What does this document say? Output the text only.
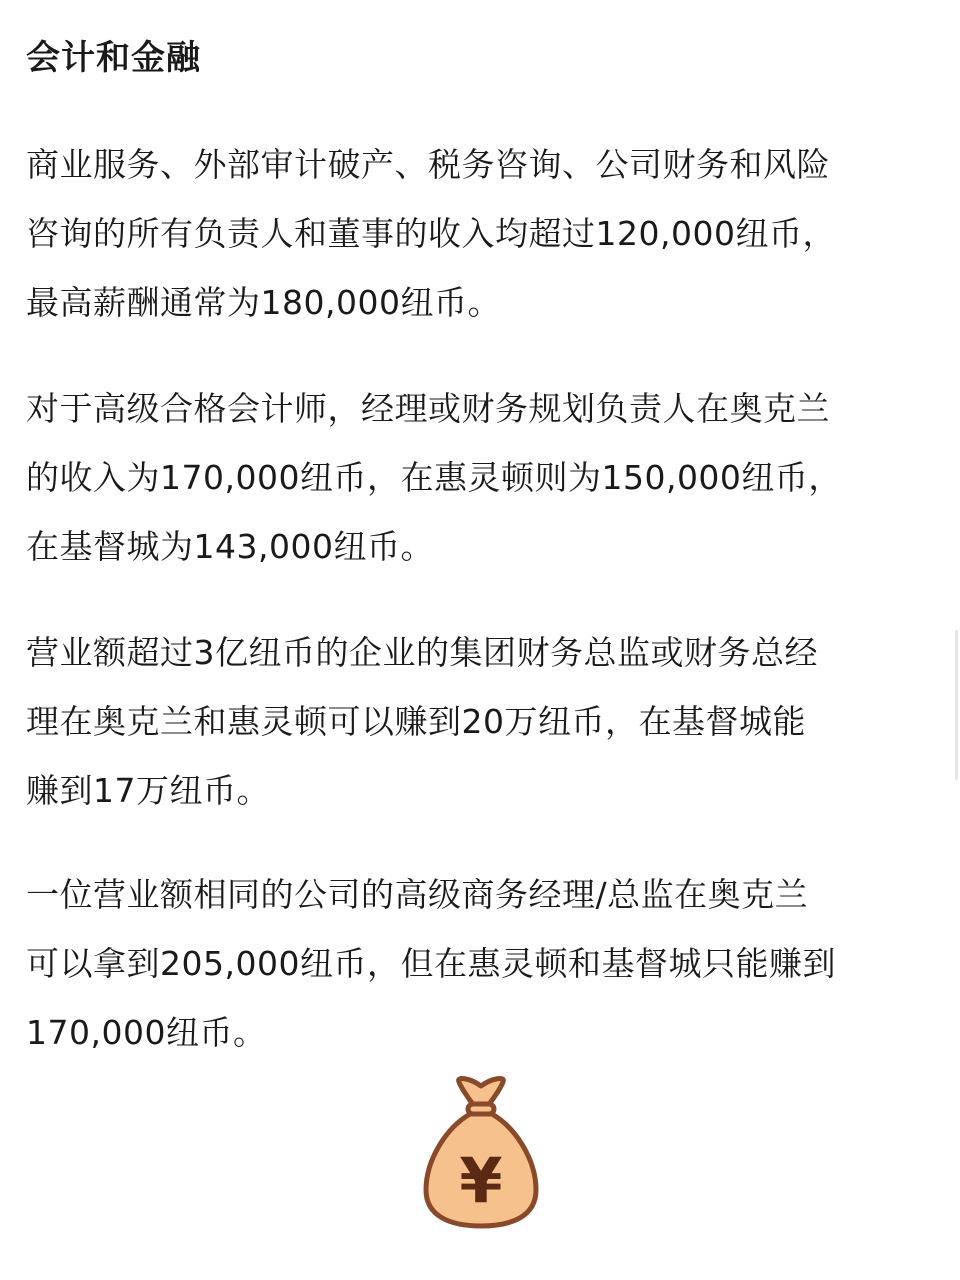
会计和金融

商业服务、外部审计破产、税务咨询、公司财务和风险
咨询的所有负责人和董事的收入均超过120,000纽币，
最高薪酬通常为180,000纽币。

对于高级合格会计师，经理或财务规划负责人在奥克兰
的收入为170,000纽币，在惠灵顿则为150,000纽币，
在基督城为143,000纽币。

营业额超过3亿纽币的企业的集团财务总监或财务总经
理在奥克兰和惠灵顿可以赚到20万纽币，在基督城能
赚到17万纽币。

一位营业额相同的公司的高级商务经理/总监在奥克兰
可以拿到205,000纽币，但在惠灵顿和基督城只能赚到
170,000纽币。

¥
